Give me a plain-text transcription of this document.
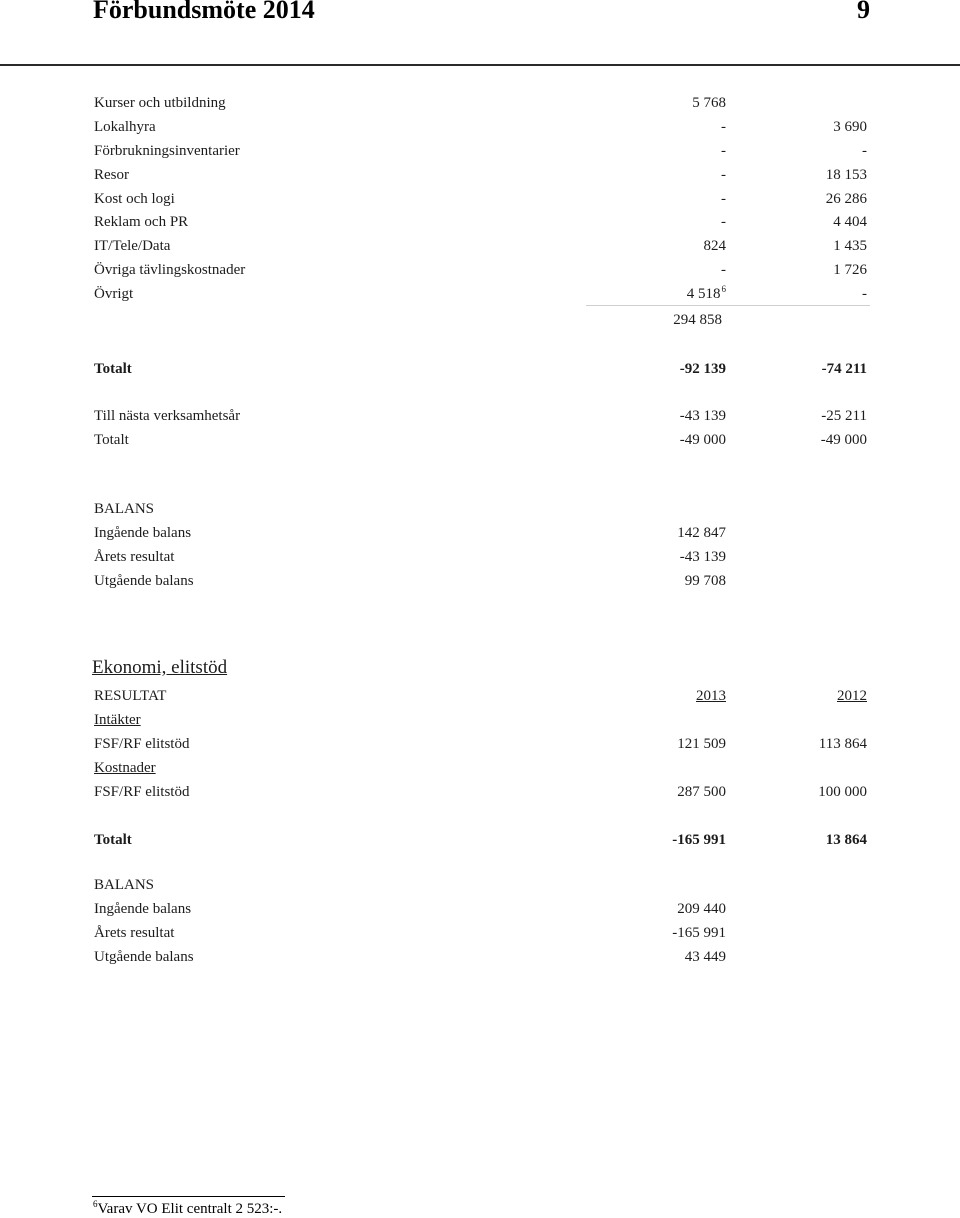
Förbundsmöte 2014	9
Kurser och utbildning	5 768
Lokalhyra	-	3 690
Förbrukningsinventarier	-	-
Resor	-	18 153
Kost och logi	-	26 286
Reklam och PR	-	4 404
IT/Tele/Data	824	1 435
Övriga tävlingskostnader	-	1 726
Övrigt	4 $518^6$	-
294 858
Totalt	-92 139	-74 211
Till nästa verksamhetsår	-43 139	-25 211
Totalt	-49 000	-49 000
BALANS
Ingående balans	142 847
Årets resultat	-43 139
Utgående balans	99 708
Ekonomi, elitstöd
RESULTAT	2013	2012
Intäkter
FSF/RF elitstöd	121 509	113 864
Kostnader
FSF/RF elitstöd	287 500	100 000
Totalt	-165 991	13 864
BALANS
Ingående balans	209 440
Årets resultat	-165 991
Utgående balans	43 449
$^6$Varav VO Elit centralt 2 523:-.
